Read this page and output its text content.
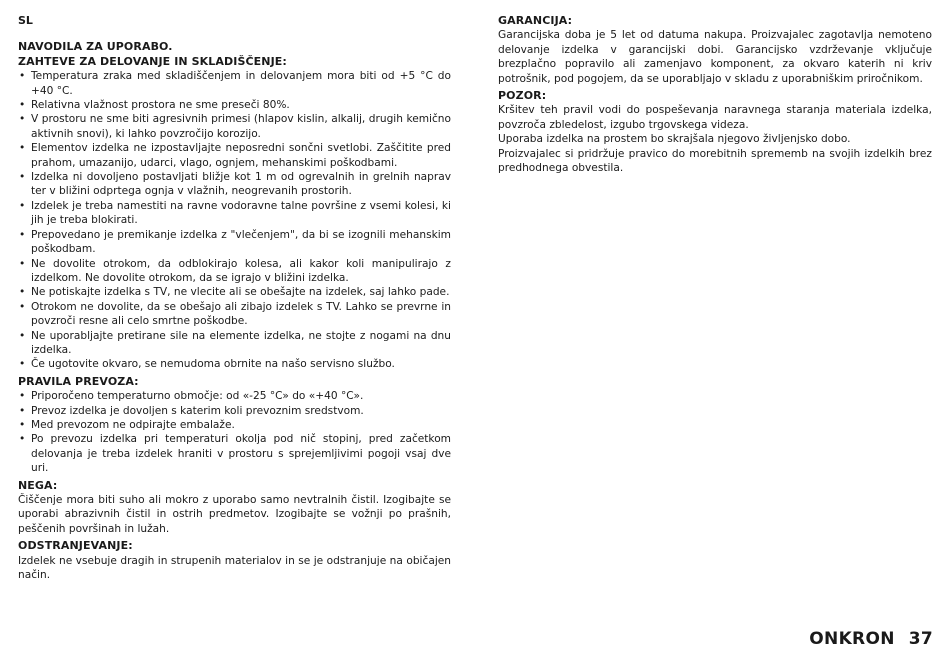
SL
NAVODILA ZA UPORABO.
ZAHTEVE ZA DELOVANJE IN SKLADIŠČENJE:
• Temperatura zraka med skladiščenjem in delovanjem mora biti od +5 °C do +40 °C.
• Relativna vlažnost prostora ne sme preseči 80%.
• V prostoru ne sme biti agresivnih primesi (hlapov kislin, alkalij, drugih kemično aktivnih snovi), ki lahko povzročijo korozijo.
• Elementov izdelka ne izpostavljajte neposredni sončni svetlobi. Zaščitite pred prahom, umazanijo, udarci, vlago, ognjem, mehanskimi poškodbami.
• Izdelka ni dovoljeno postavljati bližje kot 1 m od ogrevalnih in grelnih naprav ter v bližini odprtega ognja v vlažnih, neogrevanih prostorih.
• Izdelek je treba namestiti na ravne vodoravne talne površine z vsemi kolesi, ki jih je treba blokirati.
• Prepovedano je premikanje izdelka z "vlečenjem", da bi se izognili mehanskim poškodbam.
• Ne dovolite otrokom, da odblokirajo kolesa, ali kakor koli manipulirajo z izdelkom. Ne dovolite otrokom, da se igrajo v bližini izdelka.
• Ne potiskajte izdelka s TV, ne vlecite ali se obešajte na izdelek, saj lahko pade.
• Otrokom ne dovolite, da se obešajo ali zibajo izdelek s TV. Lahko se prevrne in povzroči resne ali celo smrtne poškodbe.
• Ne uporabljajte pretirane sile na elemente izdelka, ne stojte z nogami na dnu izdelka.
• Če ugotovite okvaro, se nemudoma obrnite na našo servisno službo.
PRAVILA PREVOZA:
• Priporočeno temperaturno območje: od «-25 °C» do «+40 °C».
• Prevoz izdelka je dovoljen s katerim koli prevoznim sredstvom.
• Med prevozom ne odpirajte embalaže.
• Po prevozu izdelka pri temperaturi okolja pod nič stopinj, pred začetkom delovanja je treba izdelek hraniti v prostoru s sprejemljivimi pogoji vsaj dve uri.
NEGA:

Čiščenje mora biti suho ali mokro z uporabo samo nevtralnih čistil. Izogibajte se uporabi abrazivnih čistil in ostrih predmetov. Izogibajte se vožnji po prašnih, peščenih površinah in lužah.

ODSTRANJEVANJE:

Izdelek ne vsebuje dragih in strupenih materialov in se je odstranjuje na običajen način.

GARANCIJA:

Garancijska doba je 5 let od datuma nakupa. Proizvajalec zagotavlja nemoteno delovanje izdelka v garancijski dobi. Garancijsko vzdrževanje vključuje brezplačno popravilo ali zamenjavo komponent, za okvaro katerih ni kriv potrošnik, pod pogojem, da se uporabljajo v skladu z uporabniškim priročnikom.

POZOR:

Kršitev teh pravil vodi do pospeševanja naravnega staranja materiala izdelka, povzroča zbledelost, izgubo trgovskega videza.

Uporaba izdelka na prostem bo skrajšala njegovo življenjsko dobo.

Proizvajalec si pridržuje pravico do morebitnih sprememb na svojih izdelkih brez predhodnega obvestila.

ONKRON 37
